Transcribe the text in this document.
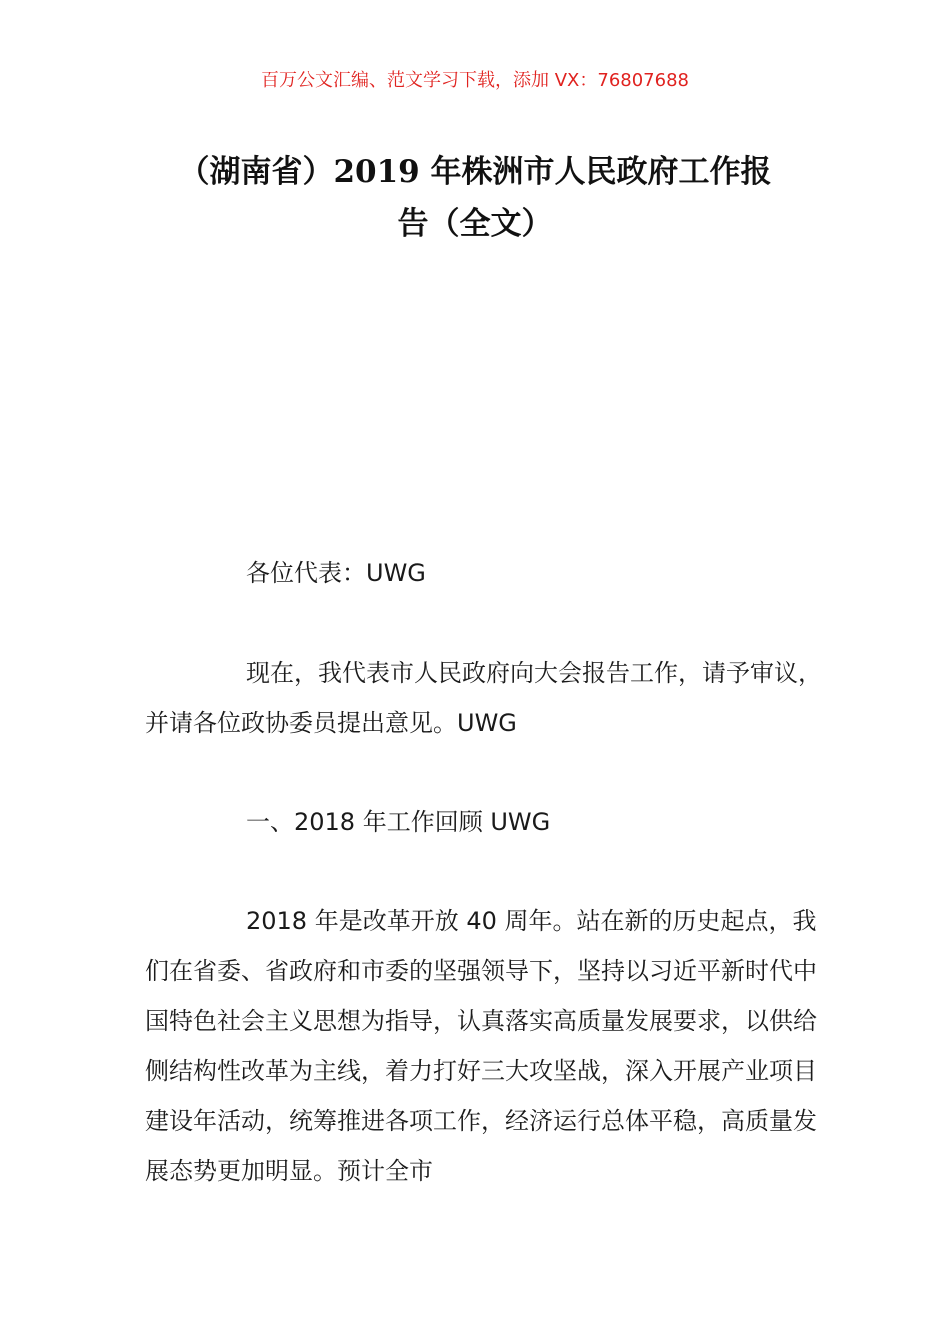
百万公文汇编、范文学习下载，添加 VX：76807688
（湖南省）2019 年株洲市人民政府工作报
告（全文）

各位代表：UWG

现在，我代表市人民政府向大会报告工作，请予审议，并请各位政协委员提出意见。UWG

一、2018 年工作回顾 UWG

2018 年是改革开放 40 周年。站在新的历史起点，我们在省委、省政府和市委的坚强领导下，坚持以习近平新时代中国特色社会主义思想为指导，认真落实高质量发展要求，以供给侧结构性改革为主线，着力打好三大攻坚战，深入开展产业项目建设年活动，统筹推进各项工作，经济运行总体平稳，高质量发展态势更加明显。预计全市
